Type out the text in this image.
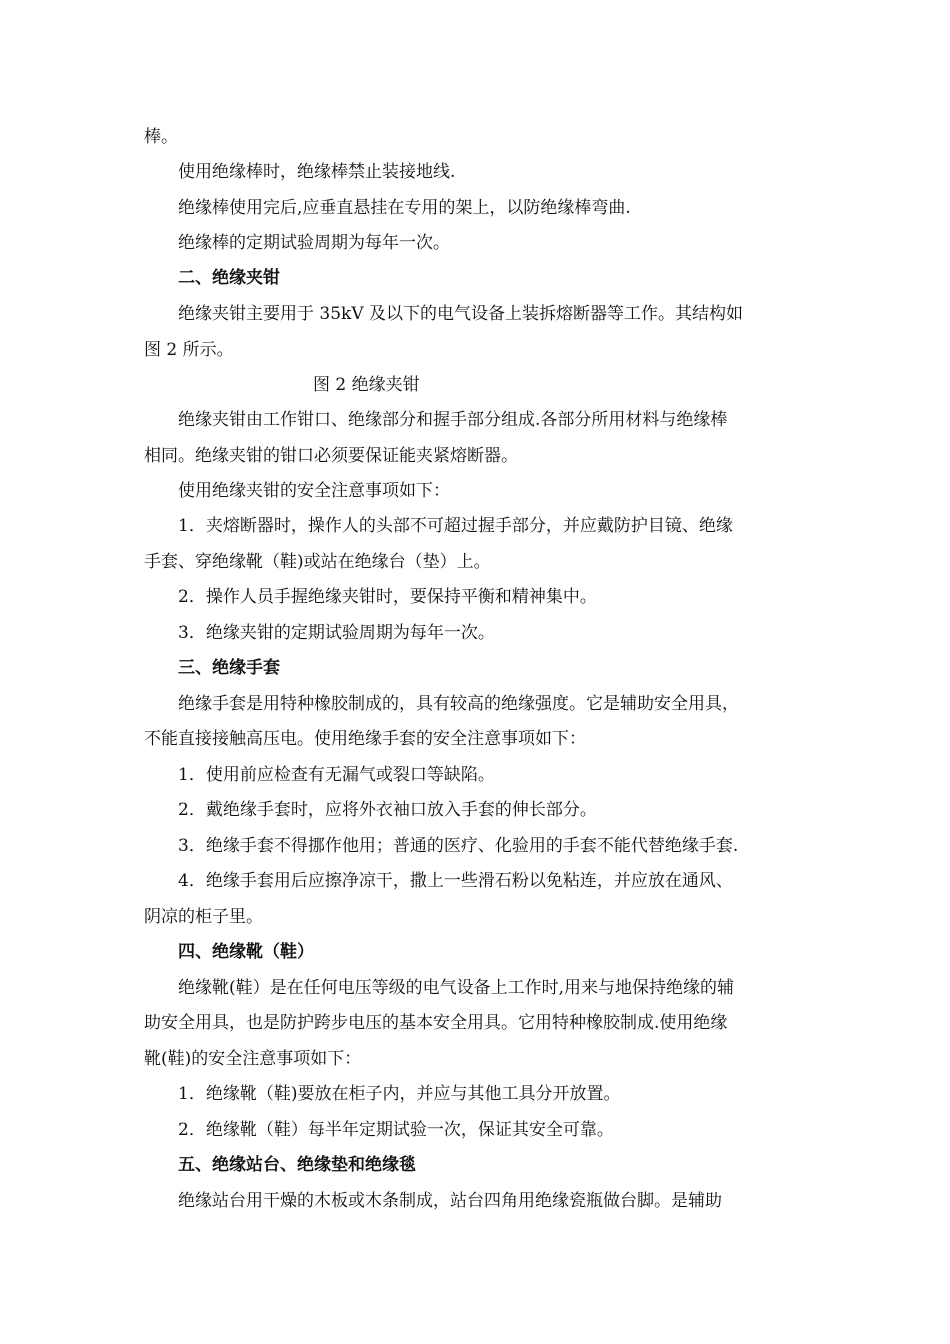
棒。
使用绝缘棒时，绝缘棒禁止装接地线.
绝缘棒使用完后,应垂直悬挂在专用的架上，以防绝缘棒弯曲.
绝缘棒的定期试验周期为每年一次。
二、绝缘夹钳
绝缘夹钳主要用于 35kV 及以下的电气设备上装拆熔断器等工作。其结构如
图 2 所示。
图 2 绝缘夹钳
绝缘夹钳由工作钳口、绝缘部分和握手部分组成.各部分所用材料与绝缘棒
相同。绝缘夹钳的钳口必须要保证能夹紧熔断器。
使用绝缘夹钳的安全注意事项如下：
1．夹熔断器时，操作人的头部不可超过握手部分，并应戴防护目镜、绝缘
手套、穿绝缘靴（鞋)或站在绝缘台（垫）上。
2．操作人员手握绝缘夹钳时，要保持平衡和精神集中。
3．绝缘夹钳的定期试验周期为每年一次。
三、绝缘手套
绝缘手套是用特种橡胶制成的，具有较高的绝缘强度。它是辅助安全用具，
不能直接接触高压电。使用绝缘手套的安全注意事项如下：
1．使用前应检查有无漏气或裂口等缺陷。
2．戴绝缘手套时，应将外衣袖口放入手套的伸长部分。
3．绝缘手套不得挪作他用；普通的医疗、化验用的手套不能代替绝缘手套.
4．绝缘手套用后应擦净凉干，撒上一些滑石粉以免粘连，并应放在通风、
阴凉的柜子里。
四、绝缘靴（鞋）
绝缘靴(鞋）是在任何电压等级的电气设备上工作时,用来与地保持绝缘的辅
助安全用具，也是防护跨步电压的基本安全用具。它用特种橡胶制成.使用绝缘
靴(鞋)的安全注意事项如下：
1．绝缘靴（鞋)要放在柜子内，并应与其他工具分开放置。
2．绝缘靴（鞋）每半年定期试验一次，保证其安全可靠。
五、绝缘站台、绝缘垫和绝缘毯
绝缘站台用干燥的木板或木条制成，站台四角用绝缘瓷瓶做台脚。是辅助
